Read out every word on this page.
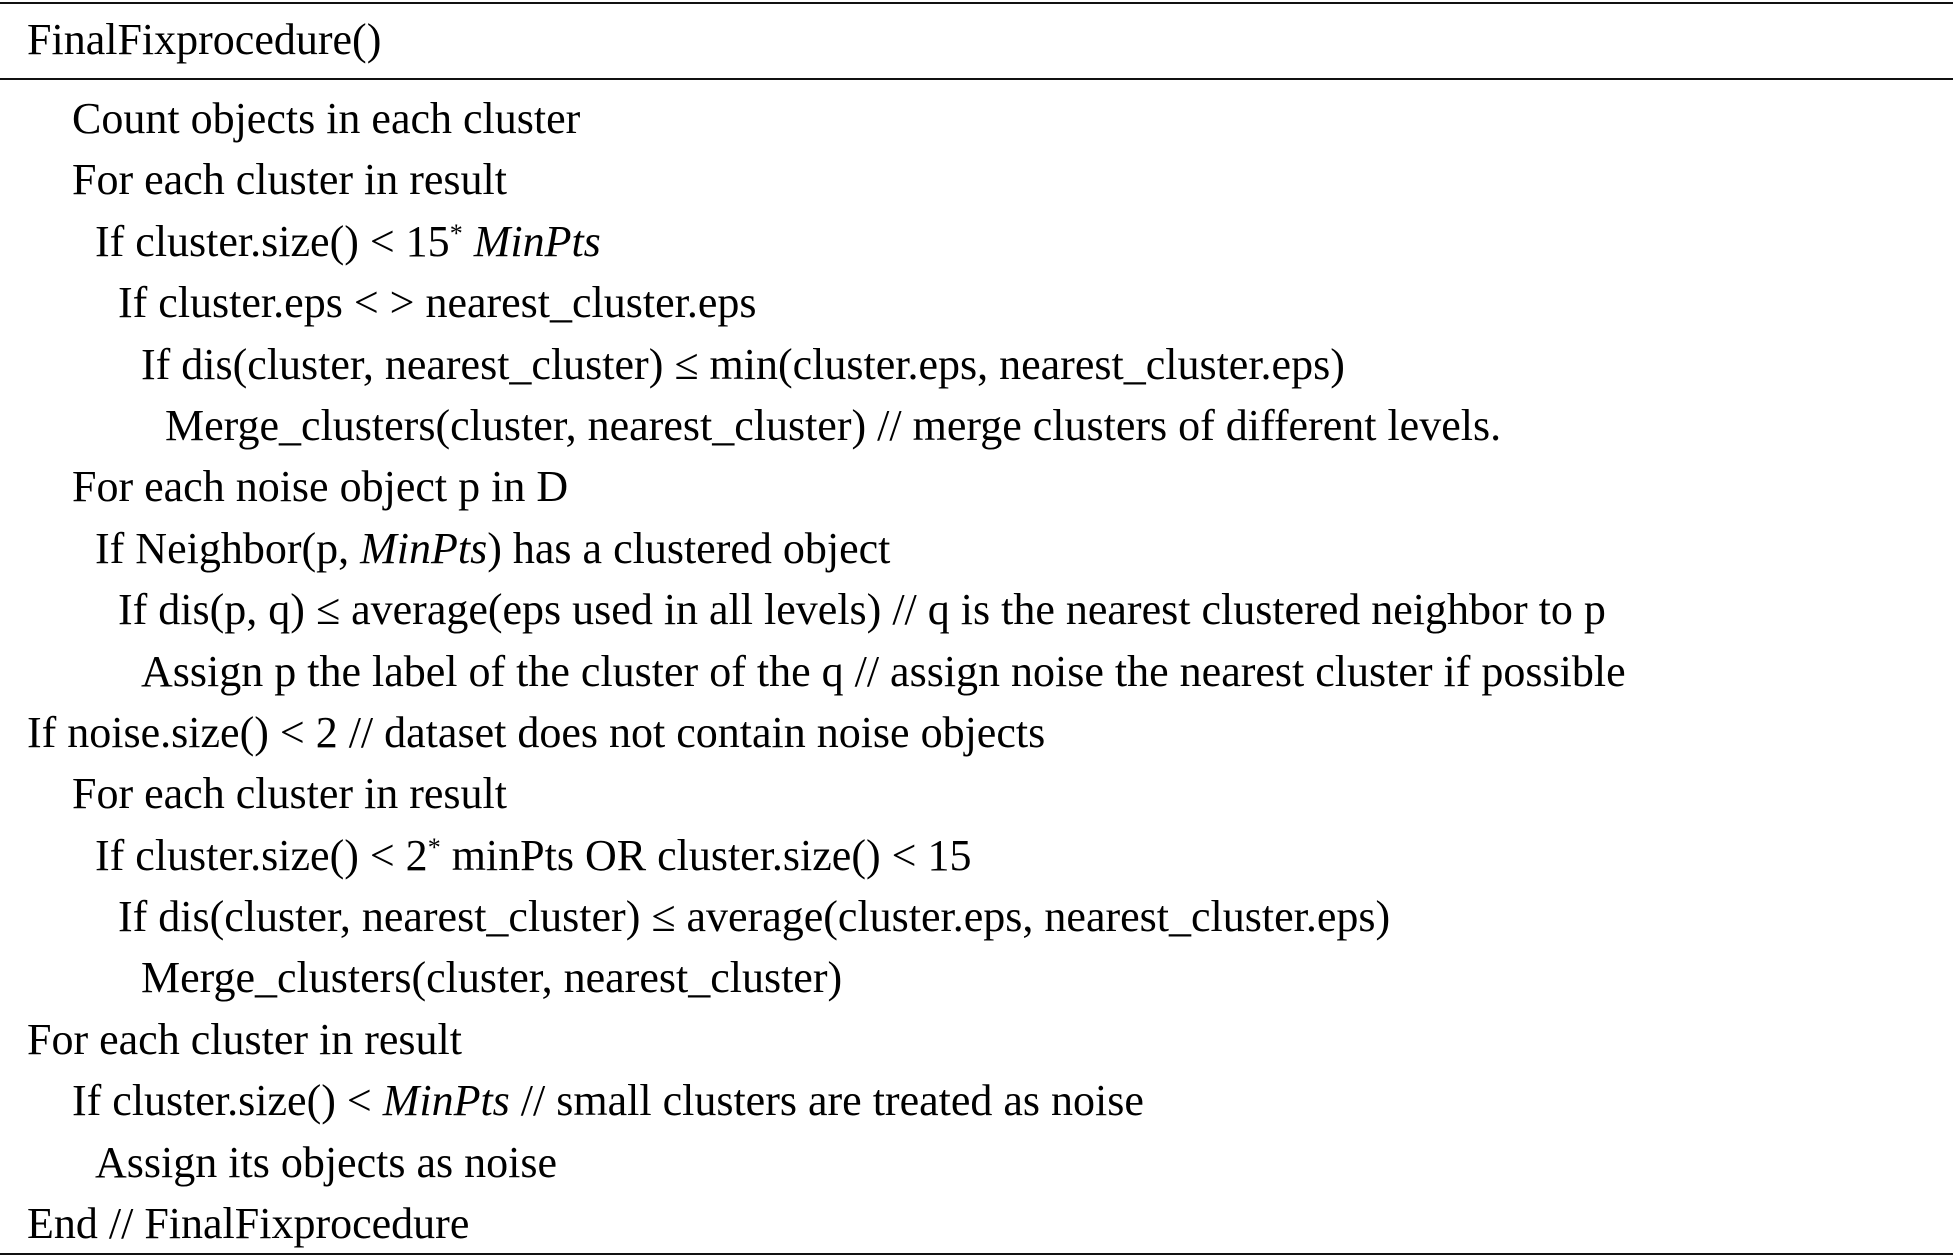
FinalFixprocedure()
Count objects in each cluster
For each cluster in result
If cluster.size() < 15* MinPts
If cluster.eps < > nearest_cluster.eps
If dis(cluster, nearest_cluster) ≤ min(cluster.eps, nearest_cluster.eps)
Merge_clusters(cluster, nearest_cluster) // merge clusters of different levels.
For each noise object p in D
If Neighbor(p, MinPts) has a clustered object
If dis(p, q) ≤ average(eps used in all levels) // q is the nearest clustered neighbor to p
Assign p the label of the cluster of the q // assign noise the nearest cluster if possible
If noise.size() < 2 // dataset does not contain noise objects
For each cluster in result
If cluster.size() < 2* minPts OR cluster.size() < 15
If dis(cluster, nearest_cluster) ≤ average(cluster.eps, nearest_cluster.eps)
Merge_clusters(cluster, nearest_cluster)
For each cluster in result
If cluster.size() < MinPts // small clusters are treated as noise
Assign its objects as noise
End // FinalFixprocedure
